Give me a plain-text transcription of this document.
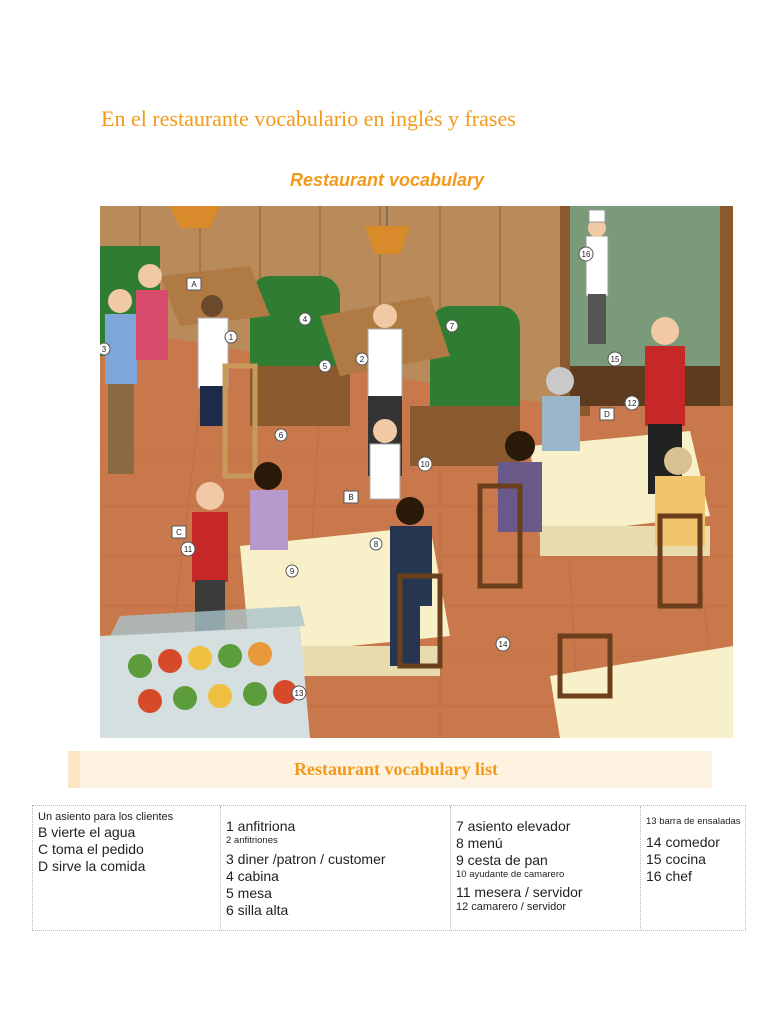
En el restaurante vocabulario en inglés y frases
Restaurant vocabulary
A
B
C
D
1
2
3
4
5
6
7
8
9
10
11
12
13
14
15
16
Restaurant vocabulary list
Un asiento para los clientes
B vierte el agua
C toma el pedido
D sirve la comida
1 anfitriona
2 anfitriones
3 diner /patron / customer
4 cabina
5 mesa
6 silla alta
7 asiento elevador
8 menú
9 cesta de pan
10 ayudante de camarero
11 mesera / servidor
12 camarero / servidor
13 barra de ensaladas
14 comedor
15 cocina
16 chef
